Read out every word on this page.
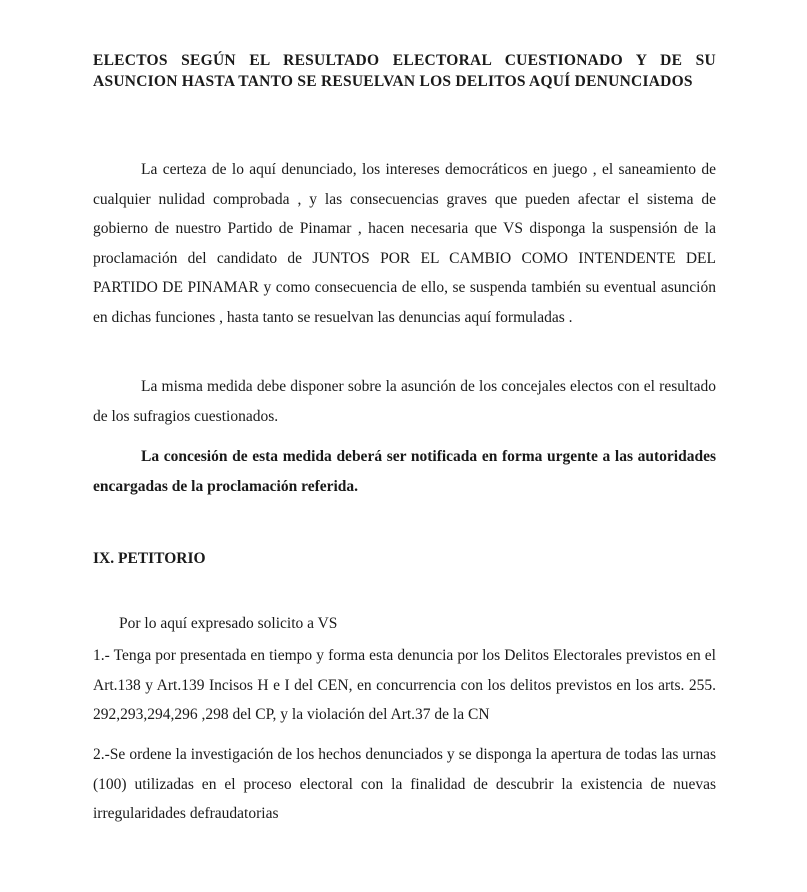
ELECTOS SEGÚN EL RESULTADO ELECTORAL CUESTIONADO Y DE SU ASUNCION HASTA TANTO SE RESUELVAN LOS DELITOS AQUÍ DENUNCIADOS

La certeza de lo aquí denunciado, los intereses democráticos en juego , el saneamiento de cualquier nulidad comprobada , y las consecuencias graves que pueden afectar el sistema de gobierno de nuestro Partido de Pinamar , hacen necesaria que VS disponga la suspensión de la proclamación del candidato de JUNTOS POR EL CAMBIO COMO INTENDENTE DEL PARTIDO DE PINAMAR y como consecuencia de ello, se suspenda también su eventual asunción en dichas funciones , hasta tanto se resuelvan las denuncias aquí formuladas .

La misma medida debe disponer sobre la asunción de los concejales electos con el resultado de los sufragios cuestionados.

La concesión de esta medida deberá ser notificada en forma urgente a las autoridades encargadas de la proclamación referida.

IX. PETITORIO

Por lo aquí expresado solicito a VS

1.- Tenga por presentada en tiempo y forma esta denuncia por los Delitos Electorales previstos en el Art.138 y Art.139 Incisos H e I del CEN, en concurrencia con los delitos previstos en los arts. 255. 292,293,294,296 ,298 del CP, y la violación del Art.37 de la CN

2.-Se ordene la investigación de los hechos denunciados y se disponga la apertura de todas las urnas (100) utilizadas en el proceso electoral con la finalidad de descubrir la existencia de nuevas irregularidades defraudatorias
